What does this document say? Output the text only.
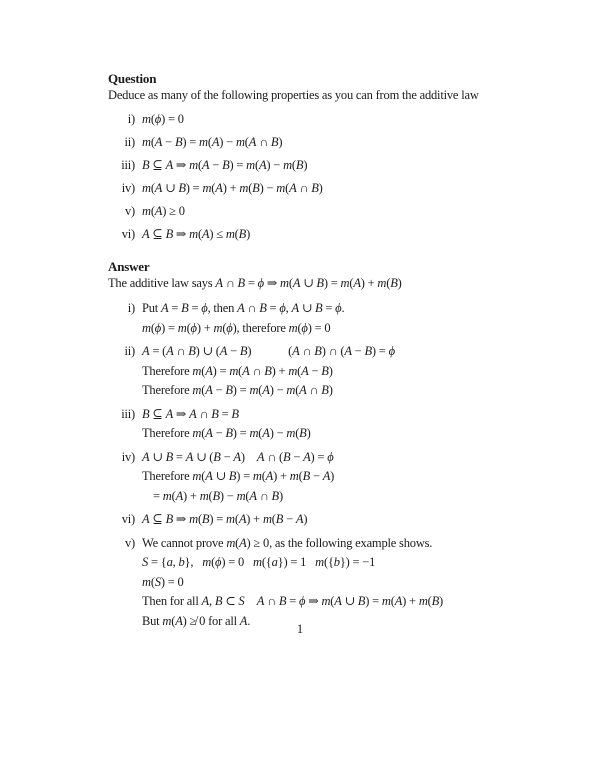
Question
Deduce as many of the following properties as you can from the additive law
i) m(ϕ) = 0
ii) m(A − B) = m(A) − m(A ∩ B)
iii) B ⊆ A ⇒ m(A − B) = m(A) − m(B)
iv) m(A ∪ B) = m(A) + m(B) − m(A ∩ B)
v) m(A) ≥ 0
vi) A ⊆ B ⇒ m(A) ≤ m(B)
Answer
The additive law says A ∩ B = ϕ ⇒ m(A ∪ B) = m(A) + m(B)
i) Put A = B = ϕ, then A ∩ B = ϕ, A ∪ B = ϕ.
m(ϕ) = m(ϕ) + m(ϕ), therefore m(ϕ) = 0
ii) A = (A ∩ B) ∪ (A − B)   (A ∩ B) ∩ (A − B) = ϕ
Therefore m(A) = m(A ∩ B) + m(A − B)
Therefore m(A − B) = m(A) − m(A ∩ B)
iii) B ⊆ A ⇒ A ∩ B = B
Therefore m(A − B) = m(A) − m(B)
iv) A ∪ B = A ∪ (B − A)  A ∩ (B − A) = ϕ
Therefore m(A ∪ B) = m(A) + m(B − A)
= m(A) + m(B) − m(A ∩ B)
vi) A ⊆ B ⇒ m(B) = m(A) + m(B − A)
v) We cannot prove m(A) ≥ 0, as the following example shows.
S = {a, b},  m(ϕ) = 0  m({a}) = 1  m({b}) = −1
m(S) = 0
Then for all A, B ⊂ S  A ∩ B = ϕ ⇒ m(A ∪ B) = m(A) + m(B)
But m(A) ≱ 0 for all A.
1
